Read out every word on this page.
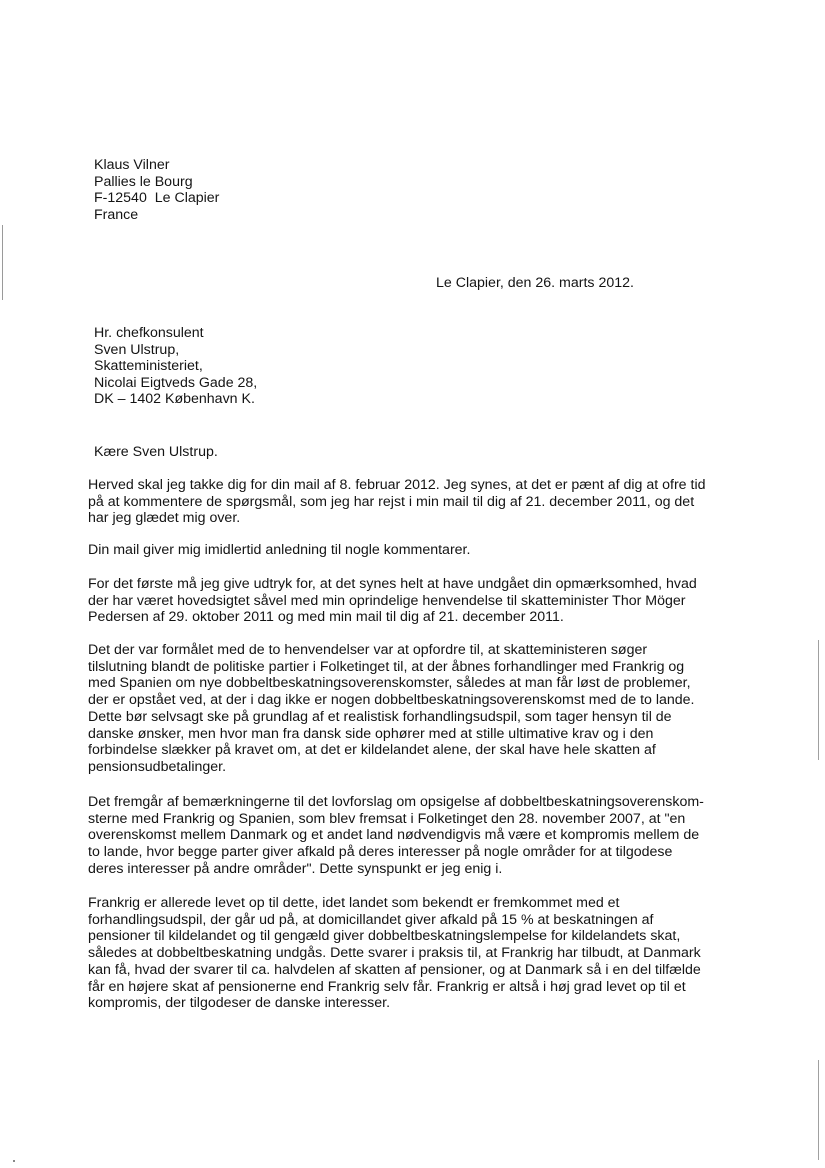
Klaus Vilner
Pallies le Bourg
F-12540  Le Clapier
France
Le Clapier, den 26. marts 2012.
Hr. chefkonsulent
Sven Ulstrup,
Skatteministeriet,
Nicolai Eigtveds Gade 28,
DK – 1402 København K.
Kære Sven Ulstrup.
Herved skal jeg takke dig for din mail af 8. februar 2012. Jeg synes, at det er pænt af dig at ofre tid
på at kommentere de spørgsmål, som jeg har rejst i min mail til dig af 21. december 2011, og det
har jeg glædet mig over.
Din mail giver mig imidlertid anledning til nogle kommentarer.
For det første må jeg give udtryk for, at det synes helt at have undgået din opmærksomhed, hvad
der har været hovedsigtet såvel med min oprindelige henvendelse til skatteminister Thor Möger
Pedersen af 29. oktober 2011 og med min mail til dig af 21. december 2011.
Det der var formålet med de to henvendelser var at opfordre til, at skatteministeren søger
tilslutning blandt de politiske partier i Folketinget til, at der åbnes forhandlinger med Frankrig og
med Spanien om nye dobbeltbeskatningsoverenskomster, således at man får løst de problemer,
der er opstået ved, at der i dag ikke er nogen dobbeltbeskatningsoverenskomst med de to lande.
Dette bør selvsagt ske på grundlag af et realistisk forhandlingsudspil, som tager hensyn til de
danske ønsker, men hvor man fra dansk side ophører med at stille ultimative krav og i den
forbindelse slækker på kravet om, at det er kildelandet alene, der skal have hele skatten af
pensionsudbetalinger.
Det fremgår af bemærkningerne til det lovforslag om opsigelse af dobbeltbeskatningsoverenskom-
sterne med Frankrig og Spanien, som blev fremsat i Folketinget den 28. november 2007, at "en
overenskomst mellem Danmark og et andet land nødvendigvis må være et kompromis mellem de
to lande, hvor begge parter giver afkald på deres interesser på nogle områder for at tilgodese
deres interesser på andre områder". Dette synspunkt er jeg enig i.
Frankrig er allerede levet op til dette, idet landet som bekendt er fremkommet med et
forhandlingsudspil, der går ud på, at domicillandet giver afkald på 15 % at beskatningen af
pensioner til kildelandet og til gengæld giver dobbeltbeskatningslempelse for kildelandets skat,
således at dobbeltbeskatning undgås. Dette svarer i praksis til, at Frankrig har tilbudt, at Danmark
kan få, hvad der svarer til ca. halvdelen af skatten af pensioner, og at Danmark så i en del tilfælde
får en højere skat af pensionerne end Frankrig selv får. Frankrig er altså i høj grad levet op til et
kompromis, der tilgodeser de danske interesser.
